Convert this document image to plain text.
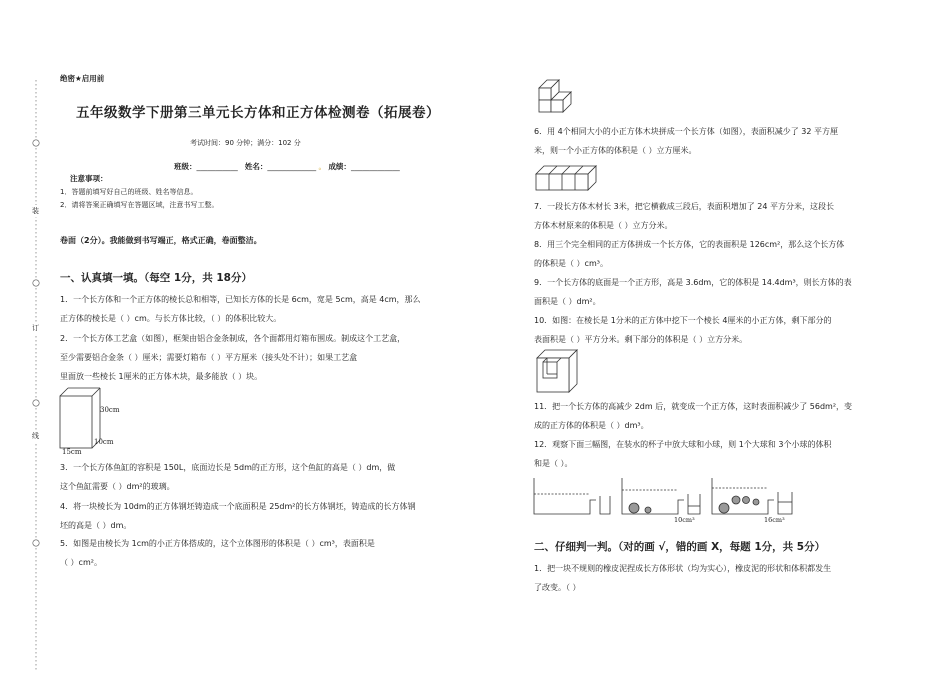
装
订
线
绝密★启用前
五年级数学下册第三单元长方体和正方体检测卷（拓展卷）
考试时间：90 分钟；满分：102 分
班级：___________ 姓名：_____________ 。 成绩：_____________
注意事项：
1．答题前填写好自己的班级、姓名等信息。
2．请将答案正确填写在答题区域，注意书写工整。
卷面（2分）。我能做到书写端正，格式正确，卷面整洁。
一、认真填一填。（每空 1分，共 18分）
1．一个长方体和一个正方体的棱长总和相等，已知长方体的长是 6cm，宽是 5cm，高是 4cm，那么
正方体的棱长是（ ）cm。与长方体比较，（ ）的体积比较大。
2．一个长方体工艺盒（如图），框架由铝合金条制成，各个面都用灯箱布围成。制成这个工艺盒，
至少需要铝合金条（ ）厘米；需要灯箱布（ ）平方厘米（接头处不计）；如果工艺盒
里面放一些棱长 1厘米的正方体木块，最多能放（ ）块。
30cm
10cm
15cm
3．一个长方体鱼缸的容积是 150L，底面边长是 5dm的正方形，这个鱼缸的高是（ ）dm，做
这个鱼缸需要（ ）dm²的玻璃。
4．将一块棱长为 10dm的正方体钢坯铸造成一个底面积是 25dm²的长方体钢坯，铸造成的长方体钢
坯的高是（ ）dm。
5．如图是由棱长为 1cm的小正方体搭成的，这个立体图形的体积是（ ）cm³，表面积是
（ ）cm²。
6．用 4个相同大小的小正方体木块拼成一个长方体（如图），表面积减少了 32 平方厘
米，则一个小正方体的体积是（ ）立方厘米。
7．一段长方体木材长 3米，把它横截成三段后，表面积增加了 24 平方分米，这段长
方体木材原来的体积是（ ）立方分米。
8．用三个完全相同的正方体拼成一个长方体，它的表面积是 126cm²，那么这个长方体
的体积是（ ）cm³。
9．一个长方体的底面是一个正方形，高是 3.6dm，它的体积是 14.4dm³，则长方体的表
面积是（ ）dm²。
10．如图：在棱长是 1分米的正方体中挖下一个棱长 4厘米的小正方体，剩下部分的
表面积是（ ）平方分米。剩下部分的体积是（ ）立方分米。
11．把一个长方体的高减少 2dm 后，就变成一个正方体，这时表面积减少了 56dm²，变
成的正方体的体积是（ ）dm³。
12．观察下面三幅图，在装水的杯子中放大球和小球，则 1个大球和 3个小球的体积
和是（ ）。
10cm³	16cm³
二、仔细判一判。（对的画 √，错的画 X，每题 1分，共 5分）
1．把一块不规则的橡皮泥捏成长方体形状（均为实心），橡皮泥的形状和体积都发生
了改变。（ ）
